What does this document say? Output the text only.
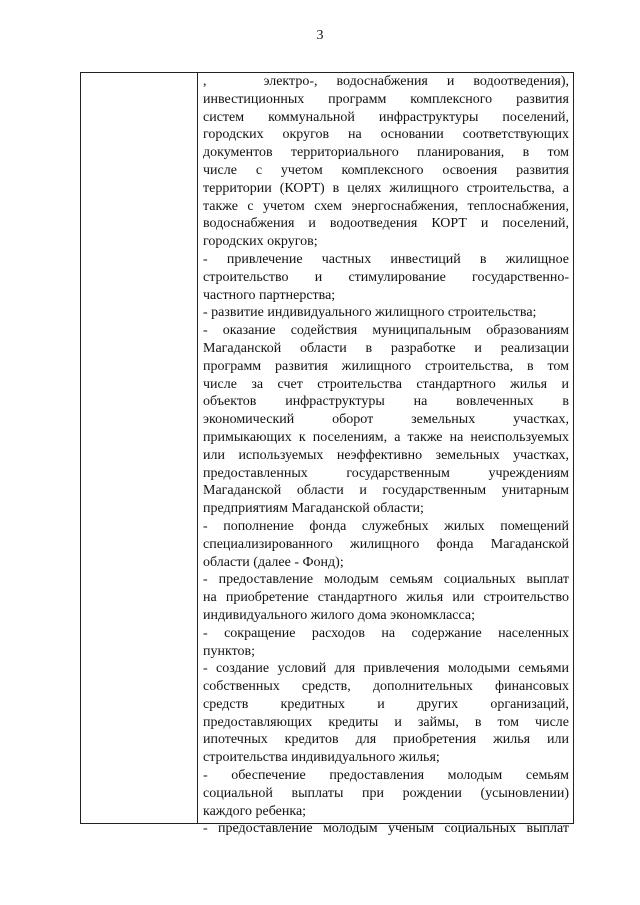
3
,   электро-, водоснабжения и водоотведения),
инвестиционных программ комплексного развития
систем коммунальной инфраструктуры поселений,
городских округов на основании соответствующих
документов территориального планирования, в том
числе с учетом комплексного освоения развития
территории (КОРТ) в целях жилищного строительства, а
также с учетом схем энергоснабжения, теплоснабжения,
водоснабжения и водоотведения КОРТ и поселений,
городских округов;
- привлечение частных инвестиций в жилищное
строительство и стимулирование государственно-
частного партнерства;
- развитие индивидуального жилищного строительства;
- оказание содействия муниципальным образованиям
Магаданской области в разработке и реализации
программ развития жилищного строительства, в том
числе за счет строительства стандартного жилья и
объектов инфраструктуры на вовлеченных в
экономический оборот земельных участках,
примыкающих к поселениям, а также на неиспользуемых
или используемых неэффективно земельных участках,
предоставленных государственным учреждениям
Магаданской области и государственным унитарным
предприятиям Магаданской области;
- пополнение фонда служебных жилых помещений
специализированного жилищного фонда Магаданской
области (далее - Фонд);
- предоставление молодым семьям социальных выплат
на приобретение стандартного жилья или строительство
индивидуального жилого дома экономкласса;
- сокращение расходов на содержание населенных
пунктов;
- создание условий для привлечения молодыми семьями
собственных средств, дополнительных финансовых
средств кредитных и других организаций,
предоставляющих кредиты и займы, в том числе
ипотечных кредитов для приобретения жилья или
строительства индивидуального жилья;
- обеспечение предоставления молодым семьям
социальной выплаты при рождении (усыновлении)
каждого ребенка;
- предоставление молодым ученым социальных выплат
